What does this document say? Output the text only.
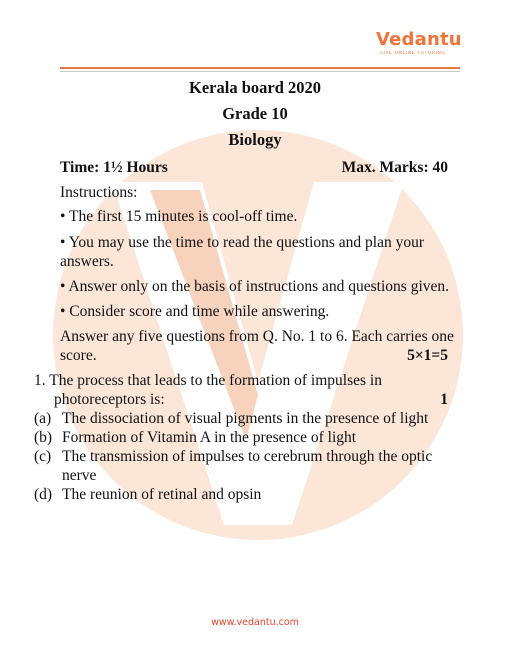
Vedantu
LIVE ONLINE TUTORING
Kerala board 2020
Grade 10
Biology
Time: 1½ Hours	Max. Marks: 40
Instructions:
• The first 15 minutes is cool-off time.
• You may use the time to read the questions and plan your
answers.
• Answer only on the basis of instructions and questions given.
• Consider score and time while answering.
Answer any five questions from Q. No. 1 to 6. Each carries one
score.	5×1=5
1. The process that leads to the formation of impulses in
photoreceptors is:	1
(a) The dissociation of visual pigments in the presence of light
(b) Formation of Vitamin A in the presence of light
(c) The transmission of impulses to cerebrum through the optic
nerve
(d) The reunion of retinal and opsin
www.vedantu.com
